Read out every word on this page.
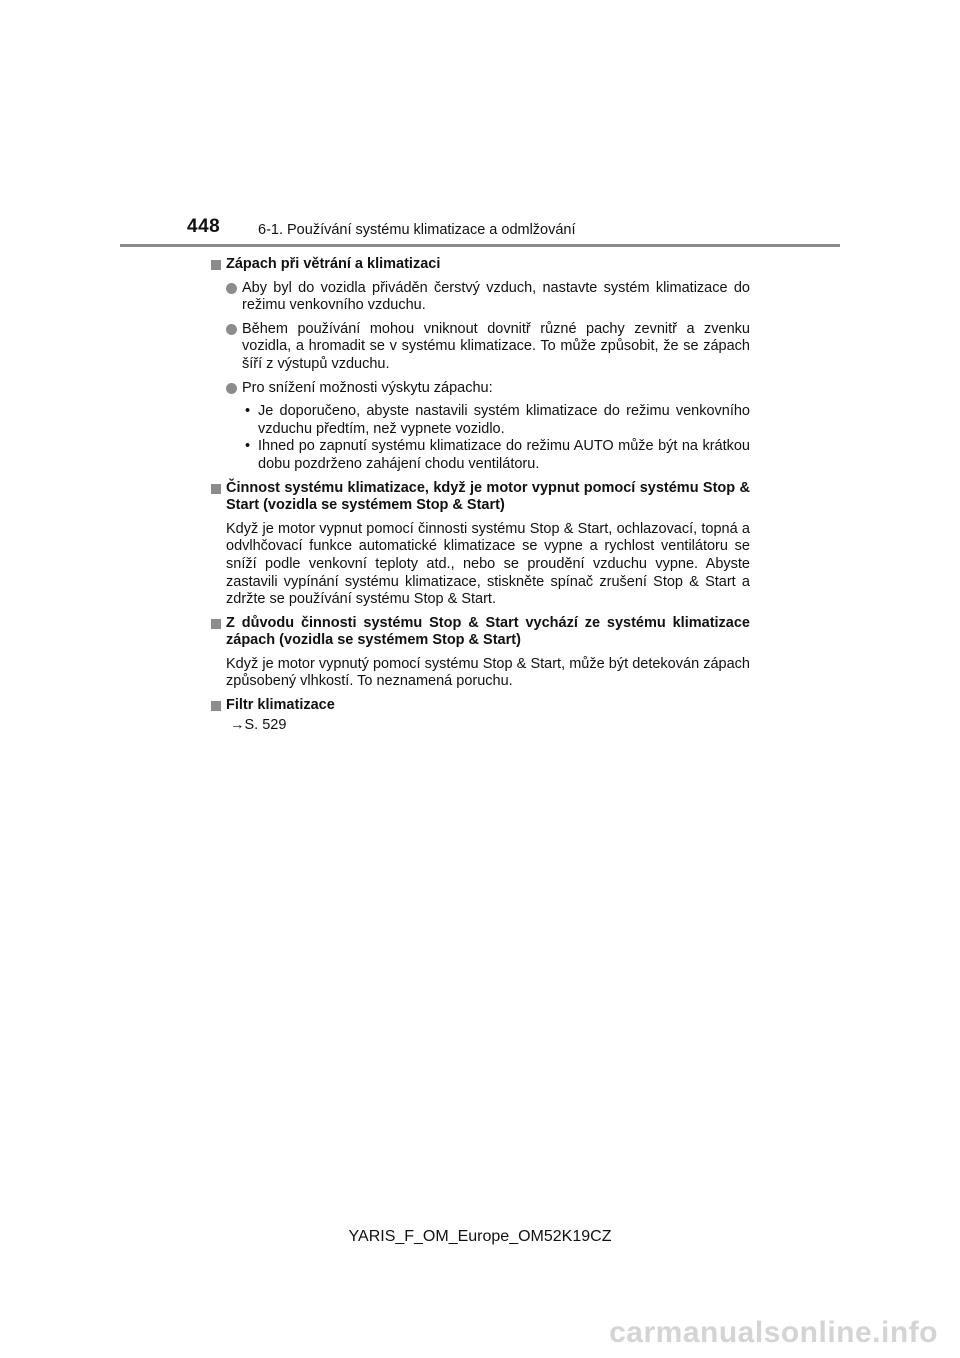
448	6-1. Používání systému klimatizace a odmlžování
Zápach při větrání a klimatizaci
Aby byl do vozidla přiváděn čerstvý vzduch, nastavte systém klimatizace do režimu venkovního vzduchu.
Během používání mohou vniknout dovnitř různé pachy zevnitř a zvenku vozidla, a hromadit se v systému klimatizace. To může způsobit, že se zápach šíří z výstupů vzduchu.
Pro snížení možnosti výskytu zápachu:
• Je doporučeno, abyste nastavili systém klimatizace do režimu venkovního vzduchu předtím, než vypnete vozidlo.
• Ihned po zapnutí systému klimatizace do režimu AUTO může být na krátkou dobu pozdrženo zahájení chodu ventilátoru.
Činnost systému klimatizace, když je motor vypnut pomocí systému Stop & Start (vozidla se systémem Stop & Start)
Když je motor vypnut pomocí činnosti systému Stop & Start, ochlazovací, topná a odvlhčovací funkce automatické klimatizace se vypne a rychlost ventilátoru se sníží podle venkovní teploty atd., nebo se proudění vzduchu vypne. Abyste zastavili vypínání systému klimatizace, stiskněte spínač zrušení Stop & Start a zdržte se používání systému Stop & Start.
Z důvodu činnosti systému Stop & Start vychází ze systému klimatizace zápach (vozidla se systémem Stop & Start)
Když je motor vypnutý pomocí systému Stop & Start, může být detekován zápach způsobený vlhkostí. To neznamená poruchu.
Filtr klimatizace
→S. 529
YARIS_F_OM_Europe_OM52K19CZ
carmanualsonline.info
